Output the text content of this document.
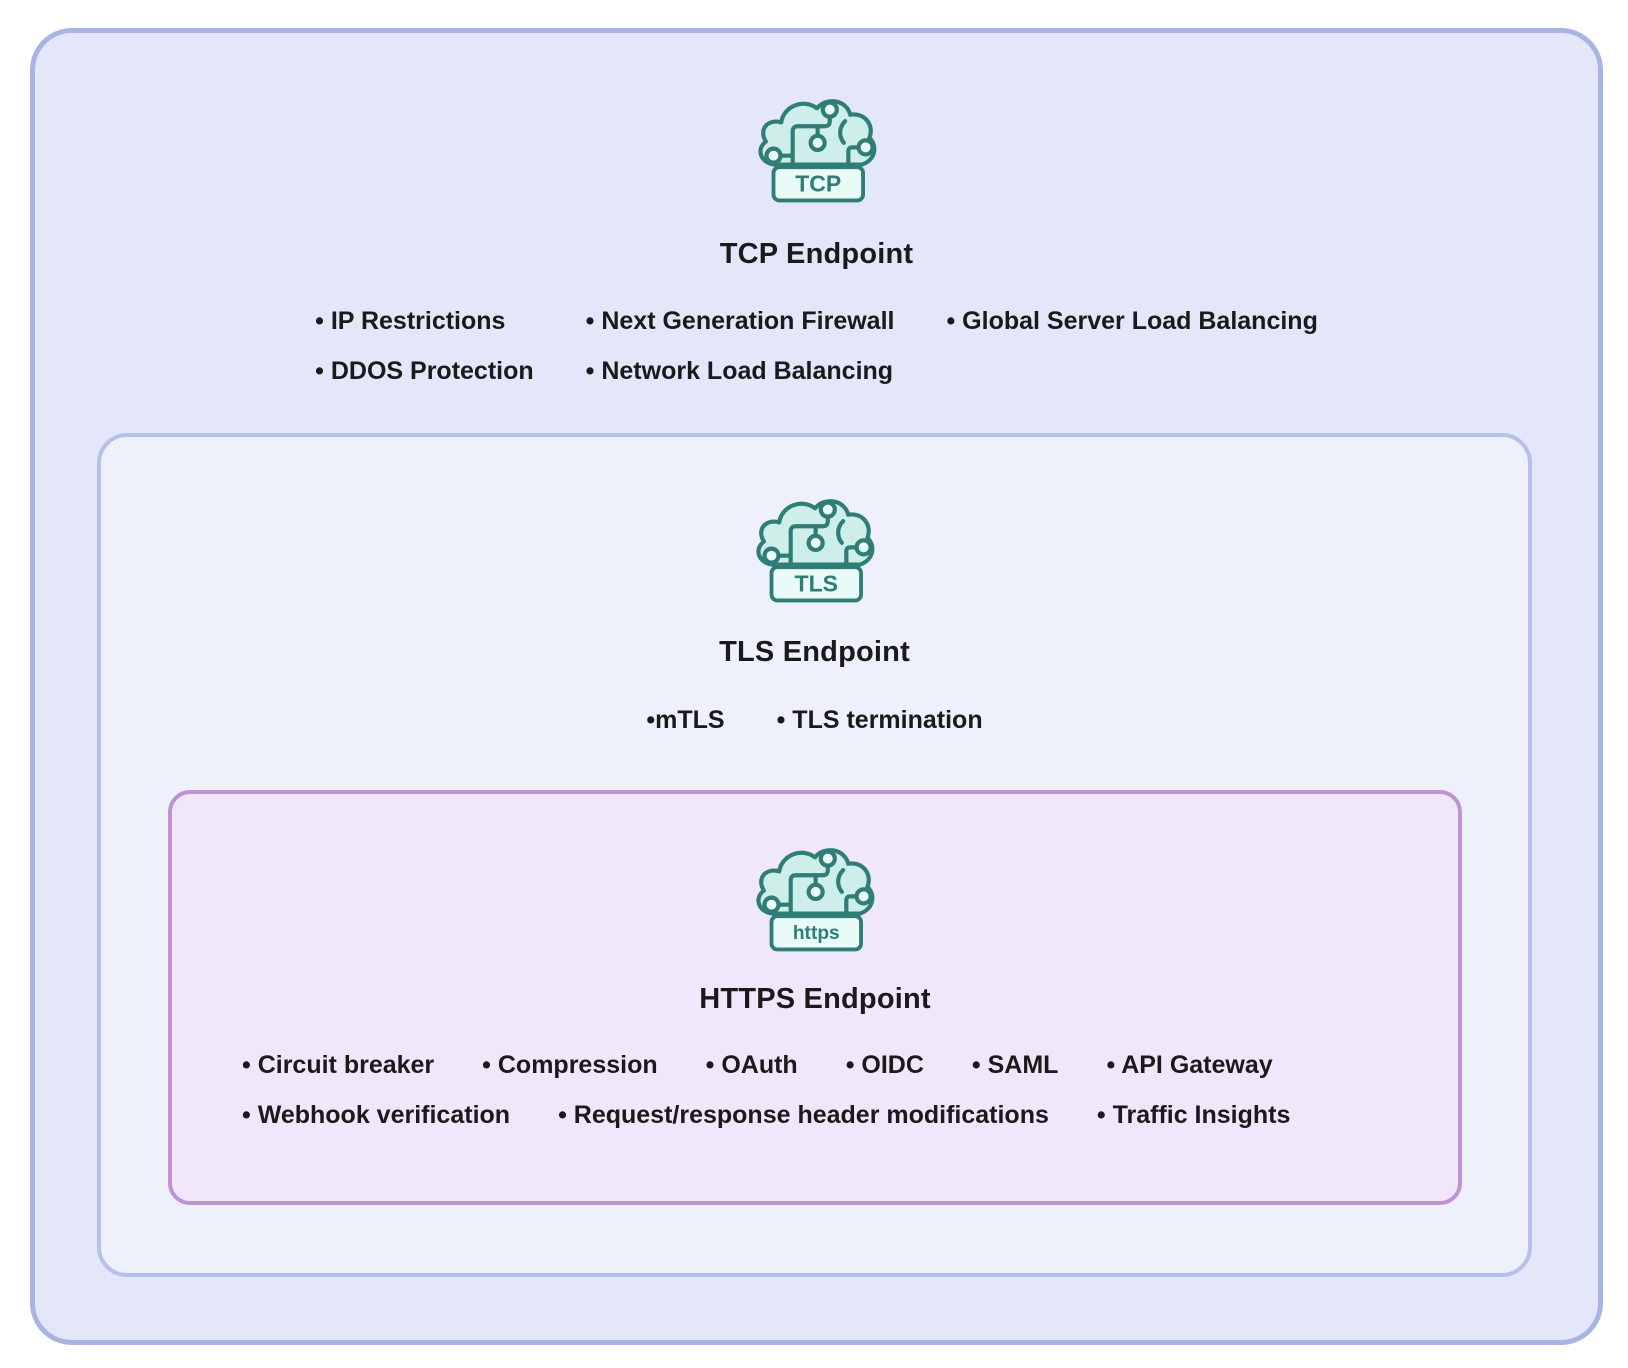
TCP
TCP Endpoint
• IP Restrictions	• Next Generation Firewall • Global Server Load Balancing
• DDOS Protection • Network Load Balancing
TLS
TLS Endpoint
•mTLS • TLS termination
https
HTTPS Endpoint
• Circuit breaker • Compression • OAuth • OIDC • SAML • API Gateway
• Webhook verification • Request/response header modifications • Traffic Insights
